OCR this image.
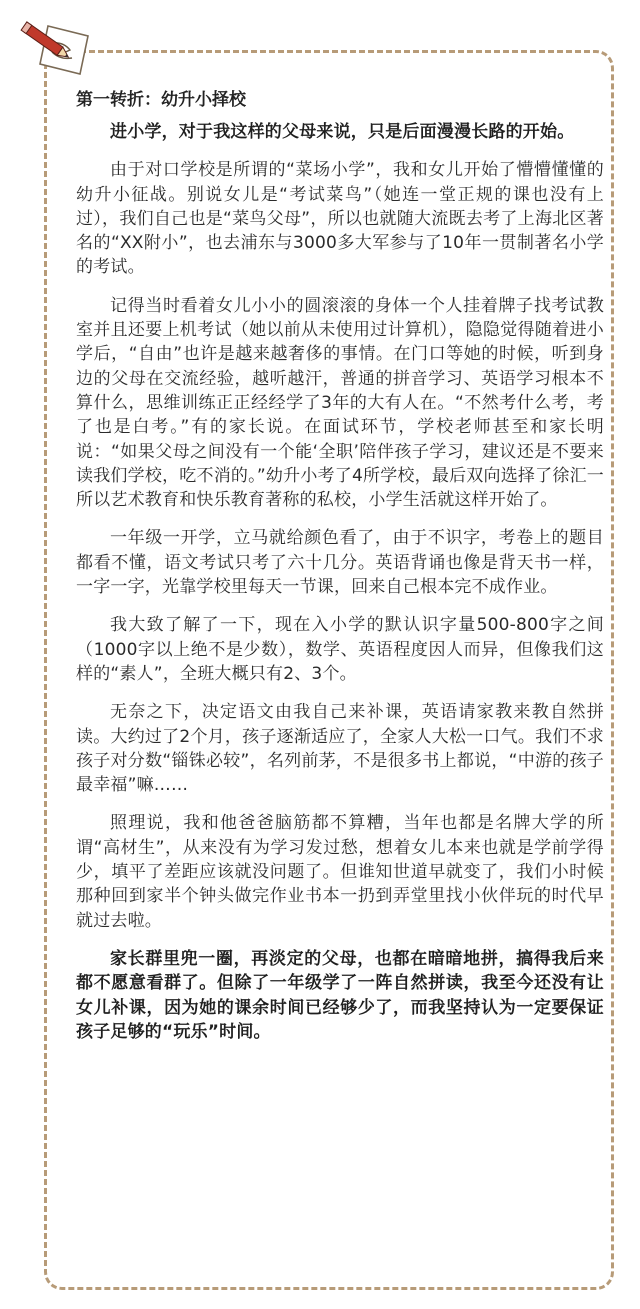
第一转折：幼升小择校

进小学，对于我这样的父母来说，只是后面漫漫长路的开始。

由于对口学校是所谓的“菜场小学”，我和女儿开始了懵懵懂懂的幼升小征战。别说女儿是“考试菜鸟”（她连一堂正规的课也没有上过），我们自己也是“菜鸟父母”，所以也就随大流既去考了上海北区著名的“XX附小”，也去浦东与3000多大军参与了10年一贯制著名小学的考试。

记得当时看着女儿小小的圆滚滚的身体一个人挂着牌子找考试教室并且还要上机考试（她以前从未使用过计算机），隐隐觉得随着进小学后，“自由”也许是越来越奢侈的事情。在门口等她的时候，听到身边的父母在交流经验，越听越汗，普通的拼音学习、英语学习根本不算什么，思维训练正正经经学了3年的大有人在。“不然考什么考，考了也是白考。”有的家长说。在面试环节，学校老师甚至和家长明说：“如果父母之间没有一个能‘全职’陪伴孩子学习，建议还是不要来读我们学校，吃不消的。”幼升小考了4所学校，最后双向选择了徐汇一所以艺术教育和快乐教育著称的私校，小学生活就这样开始了。

一年级一开学，立马就给颜色看了，由于不识字，考卷上的题目都看不懂，语文考试只考了六十几分。英语背诵也像是背天书一样，一字一字，光靠学校里每天一节课，回来自己根本完不成作业。

我大致了解了一下，现在入小学的默认识字量500-800字之间（1000字以上绝不是少数），数学、英语程度因人而异，但像我们这样的“素人”，全班大概只有2、3个。

无奈之下，决定语文由我自己来补课，英语请家教来教自然拼读。大约过了2个月，孩子逐渐适应了，全家人大松一口气。我们不求孩子对分数“锱铢必较”，名列前茅，不是很多书上都说，“中游的孩子最幸福”嘛……

照理说，我和他爸爸脑筋都不算糟，当年也都是名牌大学的所谓“高材生”，从来没有为学习发过愁，想着女儿本来也就是学前学得少，填平了差距应该就没问题了。但谁知世道早就变了，我们小时候那种回到家半个钟头做完作业书本一扔到弄堂里找小伙伴玩的时代早就过去啦。

家长群里兜一圈，再淡定的父母，也都在暗暗地拼，搞得我后来都不愿意看群了。但除了一年级学了一阵自然拼读，我至今还没有让女儿补课，因为她的课余时间已经够少了，而我坚持认为一定要保证孩子足够的“玩乐”时间。
